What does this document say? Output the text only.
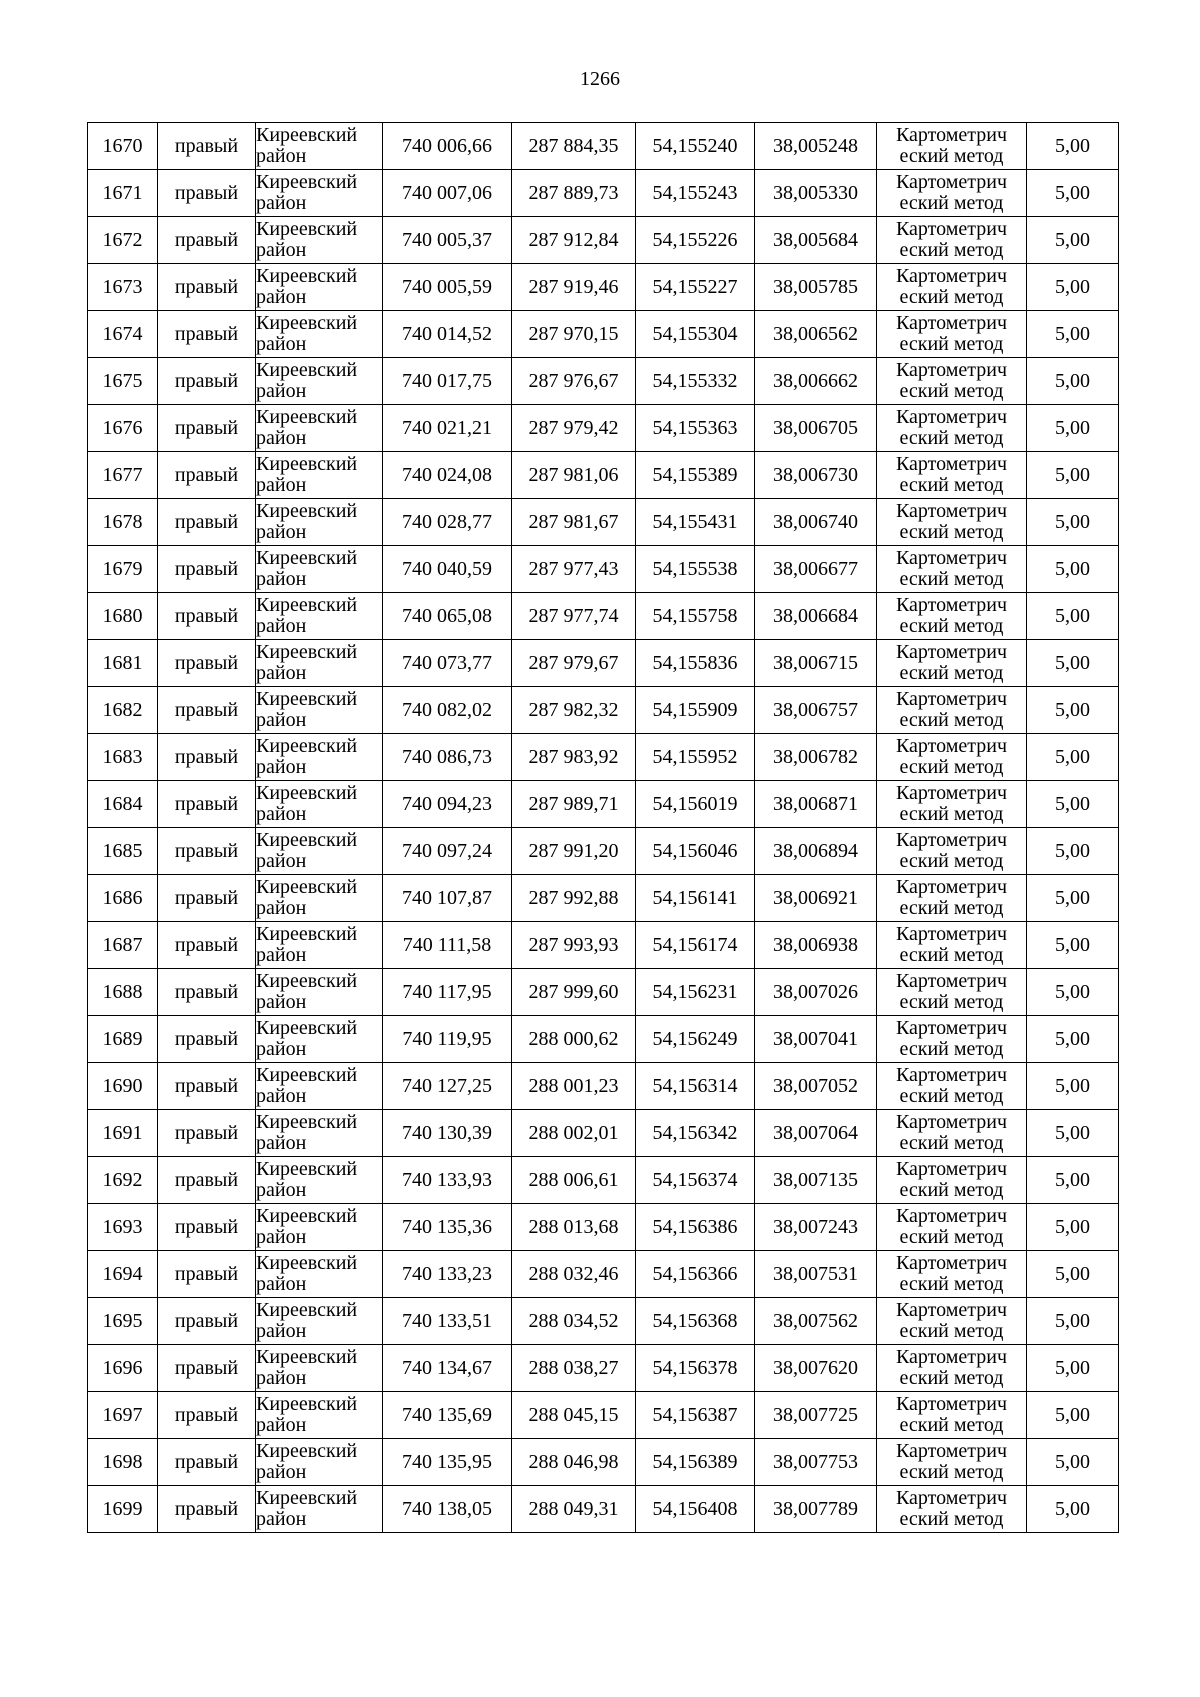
1266
1670	правый	Киреевский район	740 006,66	287 884,35	54,155240	38,005248	Картометрич еский метод	5,00
1671	правый	Киреевский район	740 007,06	287 889,73	54,155243	38,005330	Картометрич еский метод	5,00
1672	правый	Киреевский район	740 005,37	287 912,84	54,155226	38,005684	Картометрич еский метод	5,00
1673	правый	Киреевский район	740 005,59	287 919,46	54,155227	38,005785	Картометрич еский метод	5,00
1674	правый	Киреевский район	740 014,52	287 970,15	54,155304	38,006562	Картометрич еский метод	5,00
1675	правый	Киреевский район	740 017,75	287 976,67	54,155332	38,006662	Картометрич еский метод	5,00
1676	правый	Киреевский район	740 021,21	287 979,42	54,155363	38,006705	Картометрич еский метод	5,00
1677	правый	Киреевский район	740 024,08	287 981,06	54,155389	38,006730	Картометрич еский метод	5,00
1678	правый	Киреевский район	740 028,77	287 981,67	54,155431	38,006740	Картометрич еский метод	5,00
1679	правый	Киреевский район	740 040,59	287 977,43	54,155538	38,006677	Картометрич еский метод	5,00
1680	правый	Киреевский район	740 065,08	287 977,74	54,155758	38,006684	Картометрич еский метод	5,00
1681	правый	Киреевский район	740 073,77	287 979,67	54,155836	38,006715	Картометрич еский метод	5,00
1682	правый	Киреевский район	740 082,02	287 982,32	54,155909	38,006757	Картометрич еский метод	5,00
1683	правый	Киреевский район	740 086,73	287 983,92	54,155952	38,006782	Картометрич еский метод	5,00
1684	правый	Киреевский район	740 094,23	287 989,71	54,156019	38,006871	Картометрич еский метод	5,00
1685	правый	Киреевский район	740 097,24	287 991,20	54,156046	38,006894	Картометрич еский метод	5,00
1686	правый	Киреевский район	740 107,87	287 992,88	54,156141	38,006921	Картометрич еский метод	5,00
1687	правый	Киреевский район	740 111,58	287 993,93	54,156174	38,006938	Картометрич еский метод	5,00
1688	правый	Киреевский район	740 117,95	287 999,60	54,156231	38,007026	Картометрич еский метод	5,00
1689	правый	Киреевский район	740 119,95	288 000,62	54,156249	38,007041	Картометрич еский метод	5,00
1690	правый	Киреевский район	740 127,25	288 001,23	54,156314	38,007052	Картометрич еский метод	5,00
1691	правый	Киреевский район	740 130,39	288 002,01	54,156342	38,007064	Картометрич еский метод	5,00
1692	правый	Киреевский район	740 133,93	288 006,61	54,156374	38,007135	Картометрич еский метод	5,00
1693	правый	Киреевский район	740 135,36	288 013,68	54,156386	38,007243	Картометрич еский метод	5,00
1694	правый	Киреевский район	740 133,23	288 032,46	54,156366	38,007531	Картометрич еский метод	5,00
1695	правый	Киреевский район	740 133,51	288 034,52	54,156368	38,007562	Картометрич еский метод	5,00
1696	правый	Киреевский район	740 134,67	288 038,27	54,156378	38,007620	Картометрич еский метод	5,00
1697	правый	Киреевский район	740 135,69	288 045,15	54,156387	38,007725	Картометрич еский метод	5,00
1698	правый	Киреевский район	740 135,95	288 046,98	54,156389	38,007753	Картометрич еский метод	5,00
1699	правый	Киреевский район	740 138,05	288 049,31	54,156408	38,007789	Картометрич еский метод	5,00
